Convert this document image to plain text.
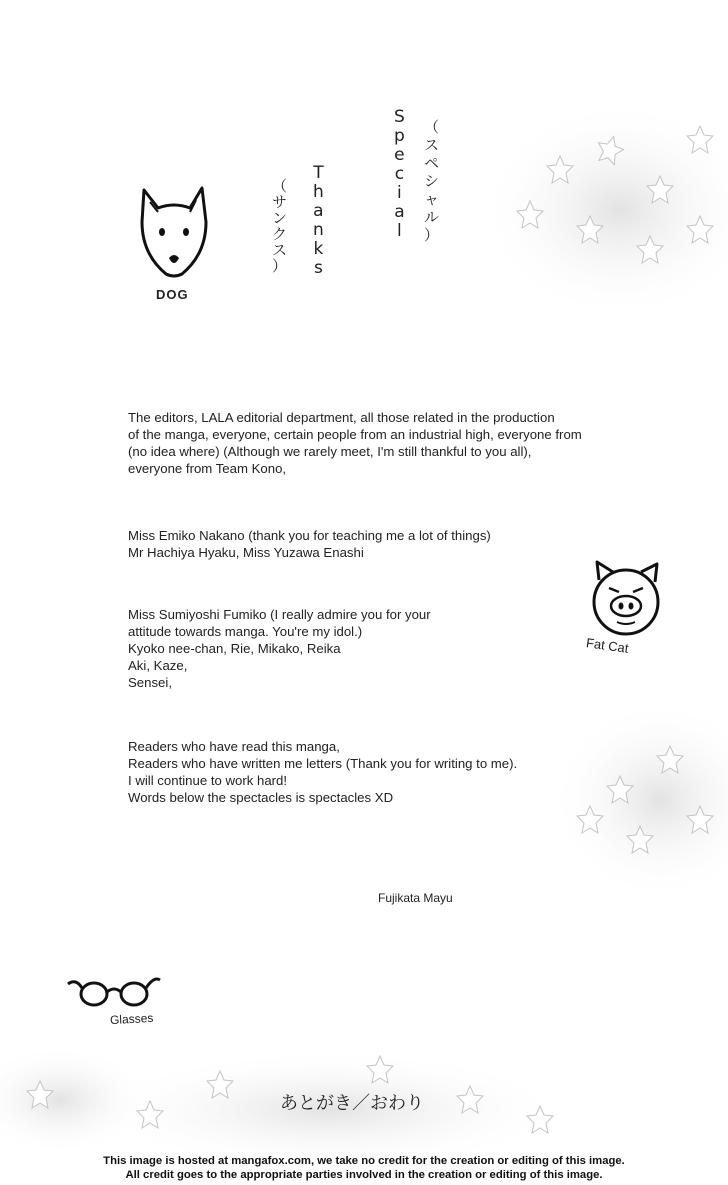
（
ス
ペ
シ
ャ
ル
）
S
p
e
c
i
a
l
T
h
a
n
k
s
（
サ
ン
ク
ス
）
DOG
Fat Cat
Glasses
The editors, LALA editorial department, all those related in the production
of the manga, everyone, certain people from an industrial high, everyone from
(no idea where) (Although we rarely meet, I'm still thankful to you all),
everyone from Team Kono,
Miss Emiko Nakano (thank you for teaching me a lot of things)
Mr Hachiya Hyaku, Miss Yuzawa Enashi
Miss Sumiyoshi Fumiko (I really admire you for your
attitude towards manga. You're my idol.)
Kyoko nee-chan, Rie, Mikako, Reika
Aki, Kaze,
Sensei,
Readers who have read this manga,
Readers who have written me letters (Thank you for writing to me).
I will continue to work hard!
Words below the spectacles is spectacles XD
Fujikata Mayu
あとがき／おわり
This image is hosted at mangafox.com, we take no credit for the creation or editing of this image.
All credit goes to the appropriate parties involved in the creation or editing of this image.
